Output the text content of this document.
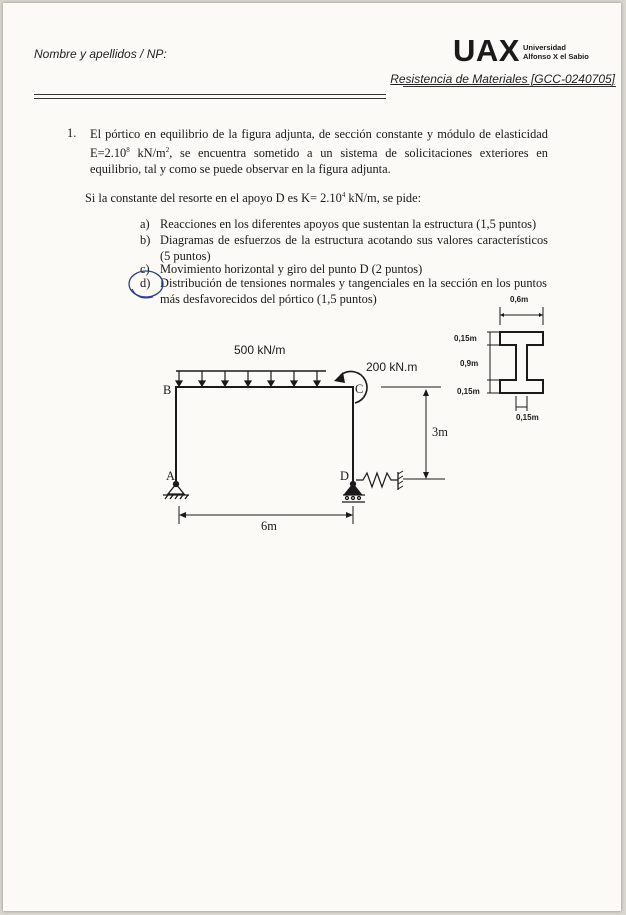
Nombre y apellidos / NP:	UAX Universidad
Alfonso X el Sabio
Resistencia de Materiales [GCC-0240705]
1. El pórtico en equilibrio de la figura adjunta, de sección constante y módulo de elasticidad $E=2.10^8$ $kN/m^2$, se encuentra sometido a un sistema de solicitaciones exteriores en equilibrio, tal y como se puede observar en la figura adjunta.
Si la constante del resorte en el apoyo D es $K= 2.10^4$ kN/m, se pide:
a) Reacciones en los diferentes apoyos que sustentan la estructura (1,5 puntos)
b) Diagramas de esfuerzos de la estructura acotando sus valores característicos (5 puntos)
c) Movimiento horizontal y giro del punto D (2 puntos)
d) Distribución de tensiones normales y tangenciales en la sección en los puntos más desfavorecidos del pórtico (1,5 puntos)
500 kN/m
200 kN.m
B	C
A	D
3m
6m
0,6m
0,15m
0,9m
0,15m
0,15m
